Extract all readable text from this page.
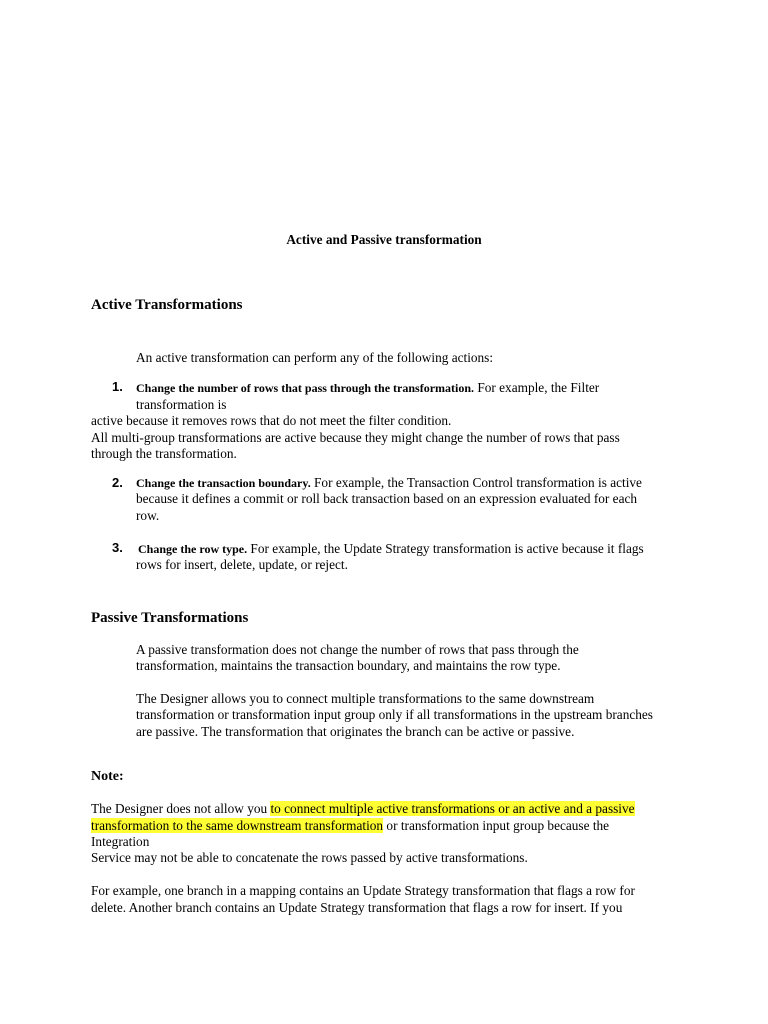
Active and Passive transformation
Active Transformations
An active transformation can perform any of the following actions:
1. Change the number of rows that pass through the transformation. For example, the Filter
transformation is
active because it removes rows that do not meet the filter condition.
All multi-group transformations are active because they might change the number of rows that pass
through the transformation.
2. Change the transaction boundary. For example, the Transaction Control transformation is active
because it defines a commit or roll back transaction based on an expression evaluated for each
row.
3. Change the row type. For example, the Update Strategy transformation is active because it flags
rows for insert, delete, update, or reject.
Passive Transformations
A passive transformation does not change the number of rows that pass through the
transformation, maintains the transaction boundary, and maintains the row type.
The Designer allows you to connect multiple transformations to the same downstream
transformation or transformation input group only if all transformations in the upstream branches
are passive. The transformation that originates the branch can be active or passive.
Note:
The Designer does not allow you to connect multiple active transformations or an active and a passive
transformation to the same downstream transformation or transformation input group because the
Integration
Service may not be able to concatenate the rows passed by active transformations.
For example, one branch in a mapping contains an Update Strategy transformation that flags a row for
delete. Another branch contains an Update Strategy transformation that flags a row for insert. If you
